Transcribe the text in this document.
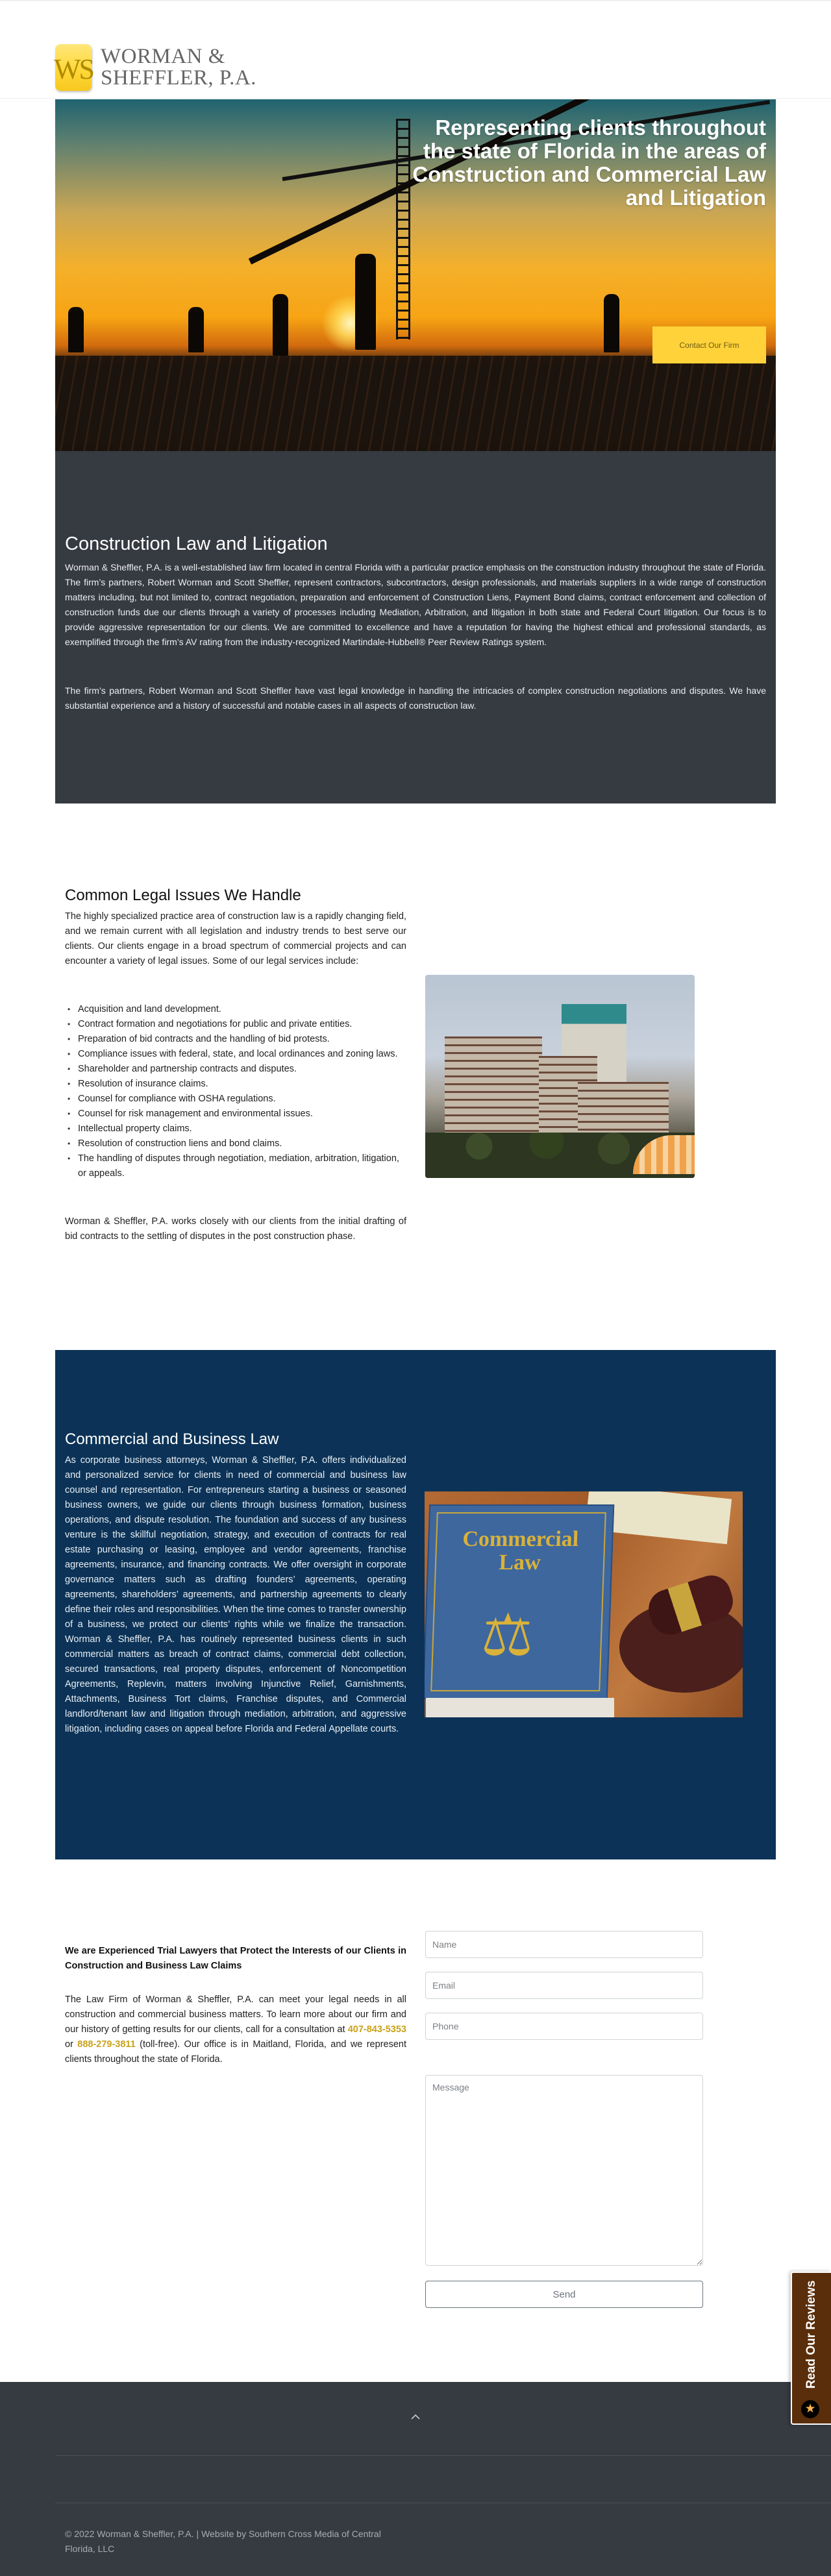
WS WORMAN &
SHEFFLER, P.A.
Representing clients throughout the state of Florida in the areas of Construction and Commercial Law and Litigation
Contact Our Firm
Construction Law and Litigation

Worman & Sheffler, P.A. is a well-established law firm located in central Florida with a particular practice emphasis on the construction industry throughout the state of Florida. The firm’s partners, Robert Worman and Scott Sheffler, represent contractors, subcontractors, design professionals, and materials suppliers in a wide range of construction matters including, but not limited to, contract negotiation, preparation and enforcement of Construction Liens, Payment Bond claims, contract enforcement and collection of construction funds due our clients through a variety of processes including Mediation, Arbitration, and litigation in both state and Federal Court litigation. Our focus is to provide aggressive representation for our clients. We are committed to excellence and have a reputation for having the highest ethical and professional standards, as exemplified through the firm’s AV rating from the industry-recognized Martindale-Hubbell® Peer Review Ratings system.

The firm’s partners, Robert Worman and Scott Sheffler have vast legal knowledge in handling the intricacies of complex construction negotiations and disputes. We have substantial experience and a history of successful and notable cases in all aspects of construction law.

Common Legal Issues We Handle

The highly specialized practice area of construction law is a rapidly changing field, and we remain current with all legislation and industry trends to best serve our clients. Our clients engage in a broad spectrum of commercial projects and can encounter a variety of legal issues. Some of our legal services include:

• Acquisition and land development.
• Contract formation and negotiations for public and private entities.
• Preparation of bid contracts and the handling of bid protests.
• Compliance issues with federal, state, and local ordinances and zoning laws.
• Shareholder and partnership contracts and disputes.
• Resolution of insurance claims.
• Counsel for compliance with OSHA regulations.
• Counsel for risk management and environmental issues.
• Intellectual property claims.
• Resolution of construction liens and bond claims.
• The handling of disputes through negotiation, mediation, arbitration, litigation, or appeals.

Worman & Sheffler, P.A. works closely with our clients from the initial drafting of bid contracts to the settling of disputes in the post construction phase.

Commercial and Business Law

As corporate business attorneys, Worman & Sheffler, P.A. offers individualized and personalized service for clients in need of commercial and business law counsel and representation. For entrepreneurs starting a business or seasoned business owners, we guide our clients through business formation, business operations, and dispute resolution. The foundation and success of any business venture is the skillful negotiation, strategy, and execution of contracts for real estate purchasing or leasing, employee and vendor agreements, franchise agreements, insurance, and financing contracts. We offer oversight in corporate governance matters such as drafting founders’ agreements, operating agreements, shareholders’ agreements, and partnership agreements to clearly define their roles and responsibilities. When the time comes to transfer ownership of a business, we protect our clients’ rights while we finalize the transaction. Worman & Sheffler, P.A. has routinely represented business clients in such commercial matters as breach of contract claims, commercial debt collection, secured transactions, real property disputes, enforcement of Noncompetition Agreements, Replevin, matters involving Injunctive Relief, Garnishments, Attachments, Business Tort claims, Franchise disputes, and Commercial landlord/tenant law and litigation through mediation, arbitration, and aggressive litigation, including cases on appeal before Florida and Federal Appellate courts.

Commercial
Law
⚖
We are Experienced Trial Lawyers that Protect the Interests of our Clients in Construction and Business Law Claims

The Law Firm of Worman & Sheffler, P.A. can meet your legal needs in all construction and commercial business matters. To learn more about our firm and our history of getting results for our clients, call for a consultation at 407-843-5353 or 888-279-3811 (toll-free). Our office is in Maitland, Florida, and we represent clients throughout the state of Florida.

Name
Email
Phone
Message
Send
© 2022 Worman & Sheffler, P.A. | Website by Southern Cross Media of Central Florida, LLC
Read Our Reviews
★
